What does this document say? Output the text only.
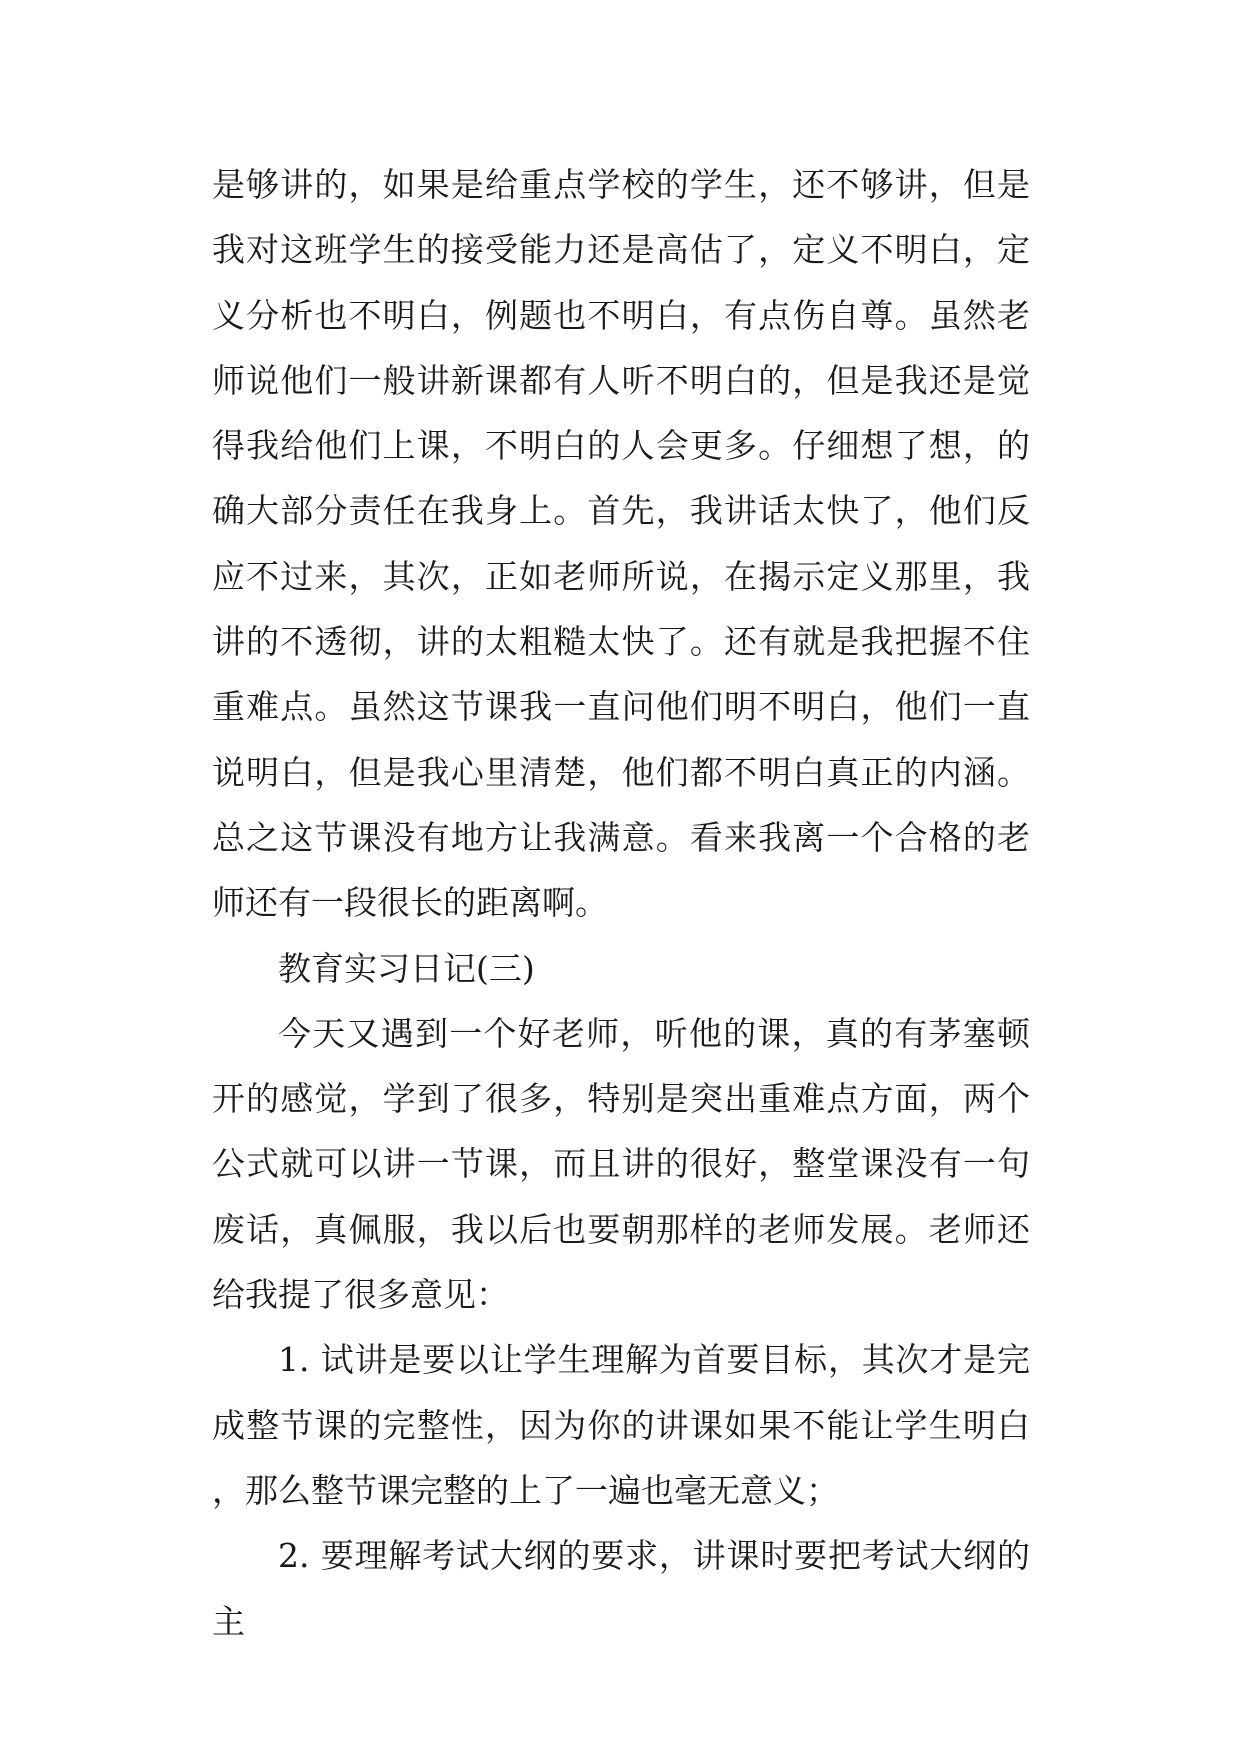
是够讲的，如果是给重点学校的学生，还不够讲，但是我对这班学生的接受能力还是高估了，定义不明白，定义分析也不明白，例题也不明白，有点伤自尊。虽然老师说他们一般讲新课都有人听不明白的，但是我还是觉得我给他们上课，不明白的人会更多。仔细想了想，的确大部分责任在我身上。首先，我讲话太快了，他们反应不过来，其次，正如老师所说，在揭示定义那里，我讲的不透彻，讲的太粗糙太快了。还有就是我把握不住重难点。虽然这节课我一直问他们明不明白，他们一直说明白，但是我心里清楚，他们都不明白真正的内涵。总之这节课没有地方让我满意。看来我离一个合格的老师还有一段很长的距离啊。

教育实习日记(三)

今天又遇到一个好老师，听他的课，真的有茅塞顿开的感觉，学到了很多，特别是突出重难点方面，两个公式就可以讲一节课，而且讲的很好，整堂课没有一句废话，真佩服，我以后也要朝那样的老师发展。老师还给我提了很多意见：

1. 试讲是要以让学生理解为首要目标，其次才是完成整节课的完整性，因为你的讲课如果不能让学生明白，那么整节课完整的上了一遍也毫无意义；

2. 要理解考试大纲的要求，讲课时要把考试大纲的主
